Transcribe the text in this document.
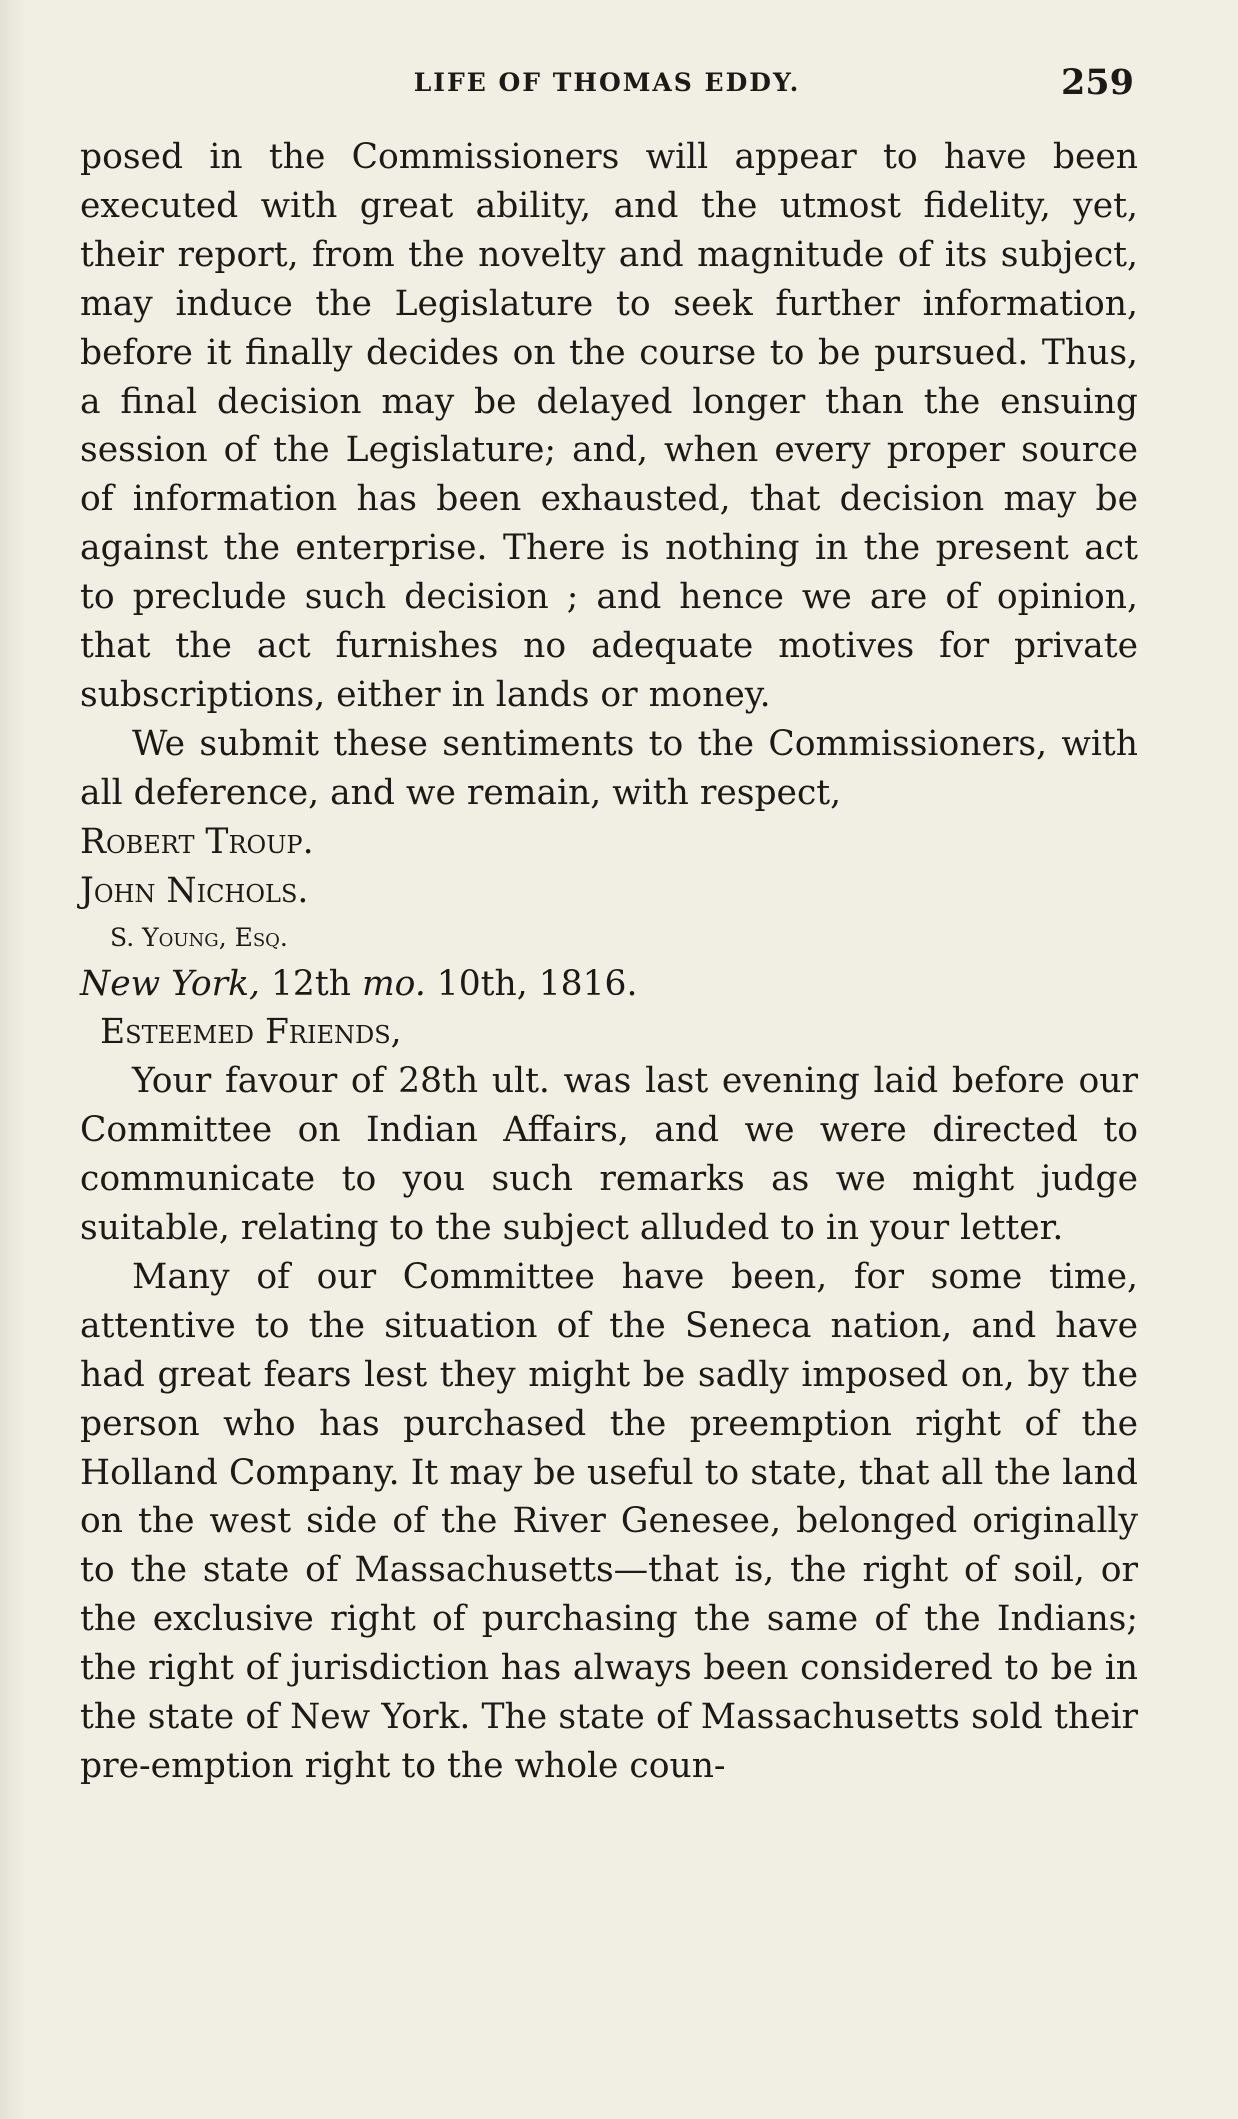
LIFE OF THOMAS EDDY.	259

posed in the Commissioners will appear to have been executed with great ability, and the utmost fidelity, yet, their report, from the novelty and magnitude of its subject, may induce the Legislature to seek further information, before it finally decides on the course to be pursued. Thus, a final decision may be delayed longer than the ensuing session of the Legislature; and, when every proper source of information has been exhausted, that decision may be against the enterprise. There is nothing in the present act to preclude such decision ; and hence we are of opinion, that the act furnishes no adequate motives for private subscriptions, either in lands or money.

We submit these sentiments to the Commissioners, with all deference, and we remain, with respect,

Robert Troup.

John Nichols.

S. Young, Esq.

New York, 12th mo. 10th, 1816.

Esteemed Friends,

Your favour of 28th ult. was last evening laid before our Committee on Indian Affairs, and we were directed to communicate to you such remarks as we might judge suitable, relating to the subject alluded to in your letter.

Many of our Committee have been, for some time, attentive to the situation of the Seneca nation, and have had great fears lest they might be sadly imposed on, by the person who has purchased the preemption right of the Holland Company. It may be useful to state, that all the land on the west side of the River Genesee, belonged originally to the state of Massachusetts—that is, the right of soil, or the exclusive right of purchasing the same of the Indians; the right of jurisdiction has always been considered to be in the state of New York. The state of Massachusetts sold their pre-emption right to the whole coun-
